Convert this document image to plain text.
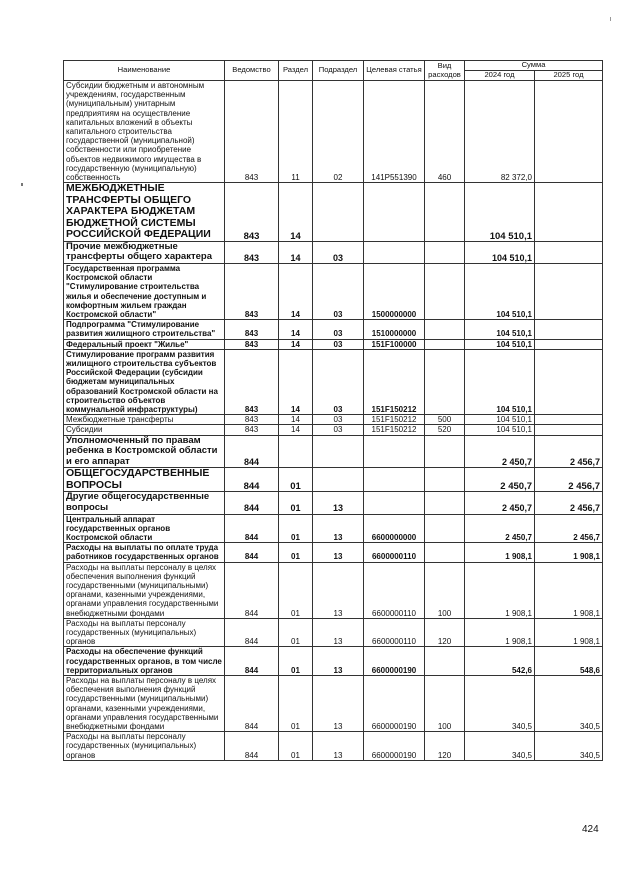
Наименование	Ведомство	Раздел	Подраздел	Целевая статья	Вид расходов	Сумма	
						2024 год	2025 год
Субсидии бюджетным и автономным учреждениям, государственным (муниципальным) унитарным предприятиям на осуществление капитальных вложений в объекты капитального строительства государственной (муниципальной) собственности или приобретение объектов недвижимого имущества в государственную (муниципальную) собственность	843	11	02	141P551390	460	82 372,0	
МЕЖБЮДЖЕТНЫЕ ТРАНСФЕРТЫ ОБЩЕГО ХАРАКТЕРА БЮДЖЕТАМ БЮДЖЕТНОЙ СИСТЕМЫ РОССИЙСКОЙ ФЕДЕРАЦИИ	843	14				104 510,1	
Прочие межбюджетные трансферты общего характера	843	14	03			104 510,1	
Государственная программа Костромской области "Стимулирование строительства жилья и обеспечение доступным и комфортным жильем граждан Костромской области"	843	14	03	1500000000		104 510,1	
Подпрограмма "Стимулирование развития жилищного строительства"	843	14	03	1510000000		104 510,1	
Федеральный проект "Жилье"	843	14	03	151F100000		104 510,1	
Стимулирование программ развития жилищного строительства субъектов Российской Федерации (субсидии бюджетам муниципальных образований Костромской области на строительство объектов коммунальной инфраструктуры)	843	14	03	151F150212		104 510,1	
Межбюджетные трансферты	843	14	03	151F150212	500	104 510,1	
Субсидии	843	14	03	151F150212	520	104 510,1	
Уполномоченный по правам ребенка в Костромской области и его аппарат	844					2 450,7	2 456,7
ОБЩЕГОСУДАРСТВЕННЫЕ ВОПРОСЫ	844	01				2 450,7	2 456,7
Другие общегосударственные вопросы	844	01	13			2 450,7	2 456,7
Центральный аппарат государственных органов Костромской области	844	01	13	6600000000		2 450,7	2 456,7
Расходы на выплаты по оплате труда работников государственных органов	844	01	13	6600000110		1 908,1	1 908,1
Расходы на выплаты персоналу в целях обеспечения выполнения функций государственными (муниципальными) органами, казенными учреждениями, органами управления государственными внебюджетными фондами	844	01	13	6600000110	100	1 908,1	1 908,1
Расходы на выплаты персоналу государственных (муниципальных) органов	844	01	13	6600000110	120	1 908,1	1 908,1
Расходы на обеспечение функций государственных органов, в том числе территориальных органов	844	01	13	6600000190		542,6	548,6
Расходы на выплаты персоналу в целях обеспечения выполнения функций государственными (муниципальными) органами, казенными учреждениями, органами управления государственными внебюджетными фондами	844	01	13	6600000190	100	340,5	340,5
Расходы на выплаты персоналу государственных (муниципальных) органов	844	01	13	6600000190	120	340,5	340,5
424
